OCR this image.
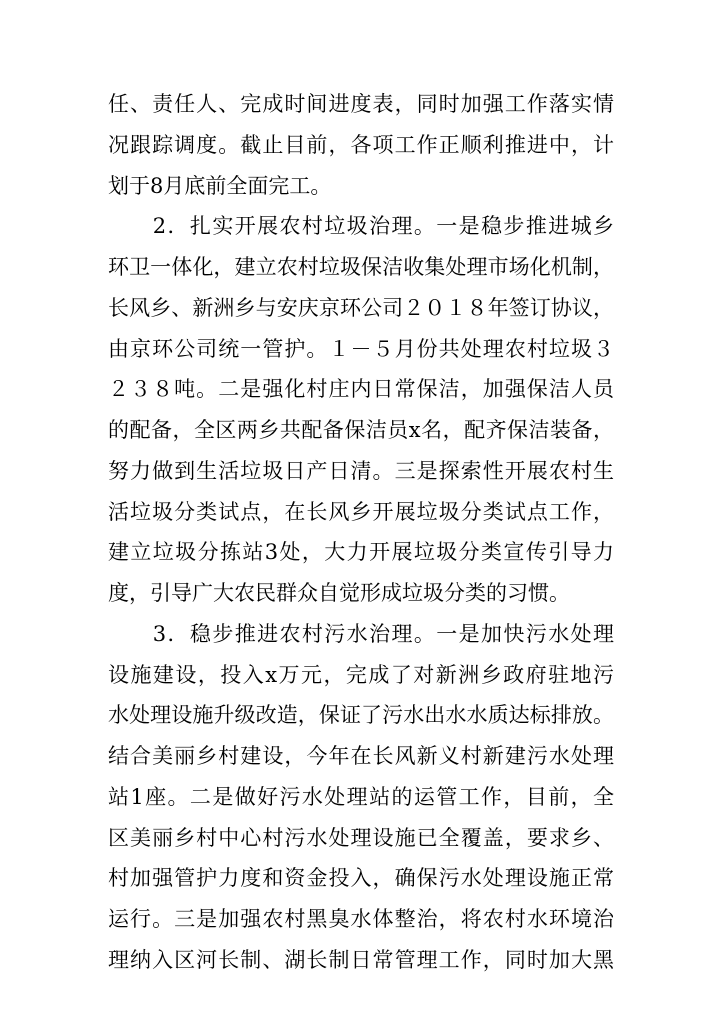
任、责任人、完成时间进度表，同时加强工作落实情
况跟踪调度。截止目前，各项工作正顺利推进中，计
划于8月底前全面完工。
　　2．扎实开展农村垃圾治理。一是稳步推进城乡
环卫一体化，建立农村垃圾保洁收集处理市场化机制，
长风乡、新洲乡与安庆京环公司２０１８年签订协议，
由京环公司统一管护。１－５月份共处理农村垃圾３
２３８吨。二是强化村庄内日常保洁，加强保洁人员
的配备，全区两乡共配备保洁员x名，配齐保洁装备，
努力做到生活垃圾日产日清。三是探索性开展农村生
活垃圾分类试点，在长风乡开展垃圾分类试点工作，
建立垃圾分拣站3处，大力开展垃圾分类宣传引导力
度，引导广大农民群众自觉形成垃圾分类的习惯。
　　3．稳步推进农村污水治理。一是加快污水处理
设施建设，投入x万元，完成了对新洲乡政府驻地污
水处理设施升级改造，保证了污水出水水质达标排放。
结合美丽乡村建设，今年在长风新义村新建污水处理
站1座。二是做好污水处理站的运管工作，目前，全
区美丽乡村中心村污水处理设施已全覆盖，要求乡、
村加强管护力度和资金投入，确保污水处理设施正常
运行。三是加强农村黑臭水体整治，将农村水环境治
理纳入区河长制、湖长制日常管理工作，同时加大黑
